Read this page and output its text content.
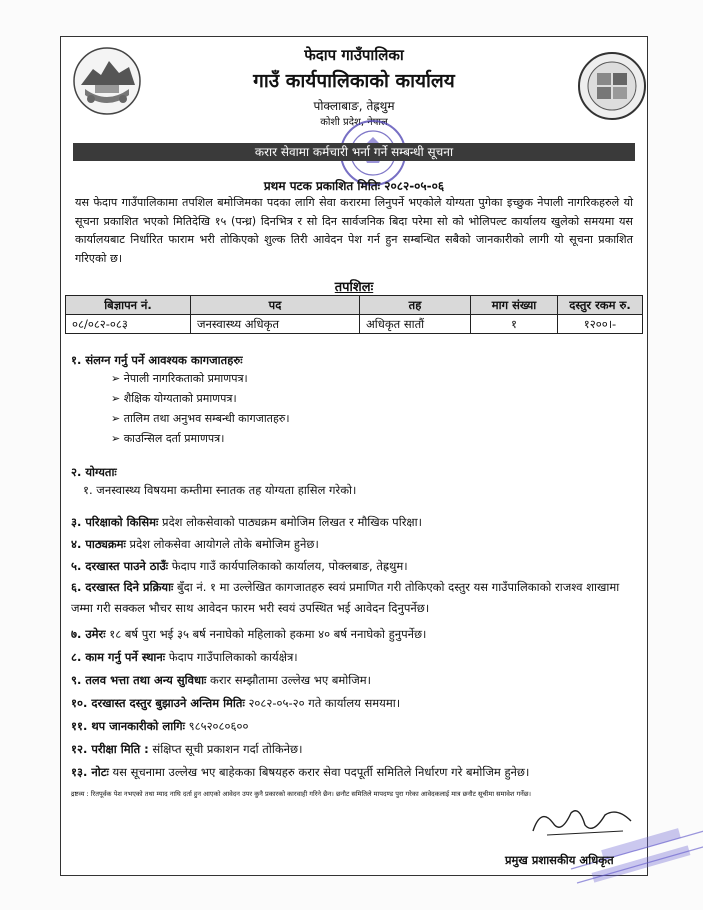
फेदाप गाउँपालिका
गाउँ कार्यपालिकाको कार्यालय
पोक्लाबाङ, तेह्रथुम
कोशी प्रदेश, नेपाल
करार सेवामा कर्मचारी भर्ना गर्ने सम्बन्धी सूचना
प्रथम पटक प्रकाशित मितिः २०८२-०५-०६
यस फेदाप गाउँपालिकामा तपशिल बमोजिमका पदका लागि सेवा करारमा लिनुपर्ने भएकोले योग्यता पुगेका इच्छुक नेपाली नागरिकहरुले यो सूचना प्रकाशित भएको मितिदेखि १५ (पन्ध्र) दिनभित्र र सो दिन सार्वजनिक बिदा परेमा सो को भोलिपल्ट कार्यालय खुलेको समयमा यस कार्यालयबाट निर्धारित फाराम भरी तोकिएको शुल्क तिरी आवेदन पेश गर्न हुन सम्बन्धित सबैको जानकारीको लागी यो सूचना प्रकाशित गरिएको छ।
तपशिलः
बिज्ञापन नं.	पद	तह	माग संख्या	दस्तुर रकम रु.
०८/०८२-०८३	जनस्वास्थ्य अधिकृत	अधिकृत सातौं	१	१२००।-
१. संलग्न गर्नु पर्ने आवश्यक कागजातहरुः
➢ नेपाली नागरिकताको प्रमाणपत्र।
➢ शैक्षिक योग्यताको प्रमाणपत्र।
➢ तालिम तथा अनुभव सम्बन्धी कागजातहरु।
➢ काउन्सिल दर्ता प्रमाणपत्र।
२. योग्यताः
१. जनस्वास्थ्य विषयमा कम्तीमा स्नातक तह योग्यता हासिल गरेको।
३. परिक्षाको किसिमः प्रदेश लोकसेवाको पाठ्यक्रम बमोजिम लिखत र मौखिक परिक्षा।
४. पाठ्यक्रमः प्रदेश लोकसेवा आयोगले तोके बमोजिम हुनेछ।
५. दरखास्त पाउने ठाउँः फेदाप गाउँ कार्यपालिकाको कार्यालय, पोक्लबाङ, तेह्रथुम।
६. दरखास्त दिने प्रक्रियाः बुँदा नं. १ मा उल्लेखित कागजातहरु स्वयं प्रमाणित गरी तोकिएको दस्तुर यस गाउँपालिकाको राजश्व शाखामा जम्मा गरी सक्कल भौचर साथ आवेदन फारम भरी स्वयं उपस्थित भई आवेदन दिनुपर्नेछ।
७. उमेरः १८ बर्ष पुरा भई ३५ बर्ष ननाघेको महिलाको हकमा ४० बर्ष ननाघेको हुनुपर्नेछ।
८. काम गर्नु पर्ने स्थानः फेदाप गाउँपालिकाको कार्यक्षेत्र।
९. तलव भत्ता तथा अन्य सुविधाः करार सम्झौतामा उल्लेख भए बमोजिम।
१०. दरखास्त दस्तुर बुझाउने अन्तिम मितिः २०८२-०५-२० गते कार्यालय समयमा।
११. थप जानकारीको लागिः ९८५२०८०६००
१२. परीक्षा मिति : संक्षिप्त सूची प्रकाशन गर्दा तोकिनेछ।
१३. नोटः यस सूचनामा उल्लेख भए बाहेकका बिषयहरु करार सेवा पदपूर्ती समितिले निर्धारण गरे बमोजिम हुनेछ।
द्रष्टव्य : रितपूर्वक पेश नभएको तथा म्याद नाघि दर्ता हुन आएको आवेदन उपर कुनै प्रकारको कारवाही गरिने छैन। छनौट समितिले मापदण्ड पुरा गरेका आवेदकलाई मात्र छनौट सूचीमा समावेश गर्नेछ।
प्रमुख प्रशासकीय अधिकृत
